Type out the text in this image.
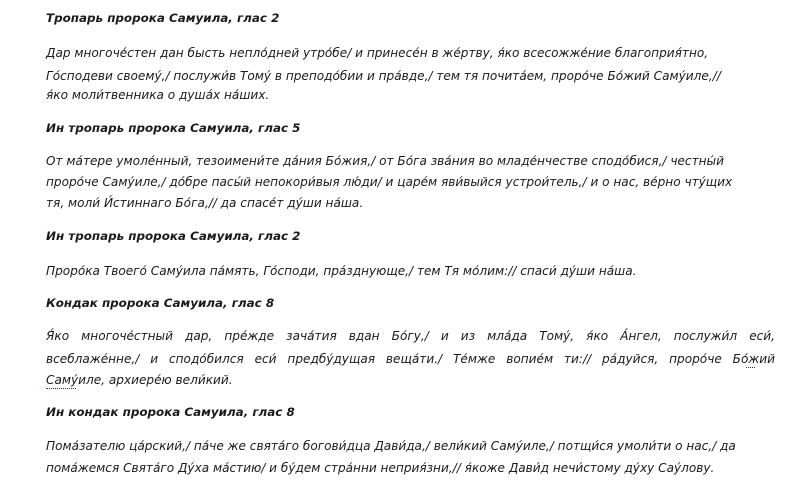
Тропарь пророка Самуила, глас 2
Дар многоче́стен дан бысть непло́дней утро́бе/ и принесе́н в же́ртву, я́ко всесожже́ние благоприя́тно,
Го́сподеви своему́,/ послужи́в Тому́ в преподо́бии и пра́вде,/ тем тя почита́ем, проро́че Бо́жий Саму́иле,//
я́ко моли́твенника о душа́х на́ших.
Ин тропарь пророка Самуила, глас 5
От ма́тере умоле́нный, тезоимени́те да́ния Бо́жия,/ от Бо́га зва́ния во младе́нчестве сподо́бися,/ честны́й
проро́че Саму́иле,/ до́бре пасы́й непокори́выя лю́ди/ и царе́м яви́выйся устрои́тель,/ и о нас, ве́рно чту́щих
тя, моли́ И́стиннаго Бо́га,// да спасе́т ду́ши на́ша.
Ин тропарь пророка Самуила, глас 2
Проро́ка Твоего́ Саму́ила па́мять, Го́споди, пра́зднующе,/ тем Тя мо́лим:// спаси́ ду́ши на́ша.
Кондак пророка Самуила, глас 8
Я́ко многоче́стный дар, пре́жде зача́тия вдан Бо́гу,/ и из мла́да Тому́, я́ко А́нгел, послужи́л еси́,
всеблаже́нне,/ и сподо́бился еси́ предбу́дущая веща́ти./ Те́мже вопие́м ти:// ра́дуйся, проро́че Бо́жий
Саму́иле, архиере́ю вели́кий.
Ин кондак пророка Самуила, глас 8
Пома́зателю ца́рский,/ па́че же свята́го богови́дца Дави́да,/ вели́кий Саму́иле,/ потщи́ся умоли́ти о нас,/ да
пома́жемся Свята́го Ду́ха ма́стию/ и бу́дем стра́нни неприя́зни,// я́коже Дави́д нечи́стому ду́ху Сау́лову.
